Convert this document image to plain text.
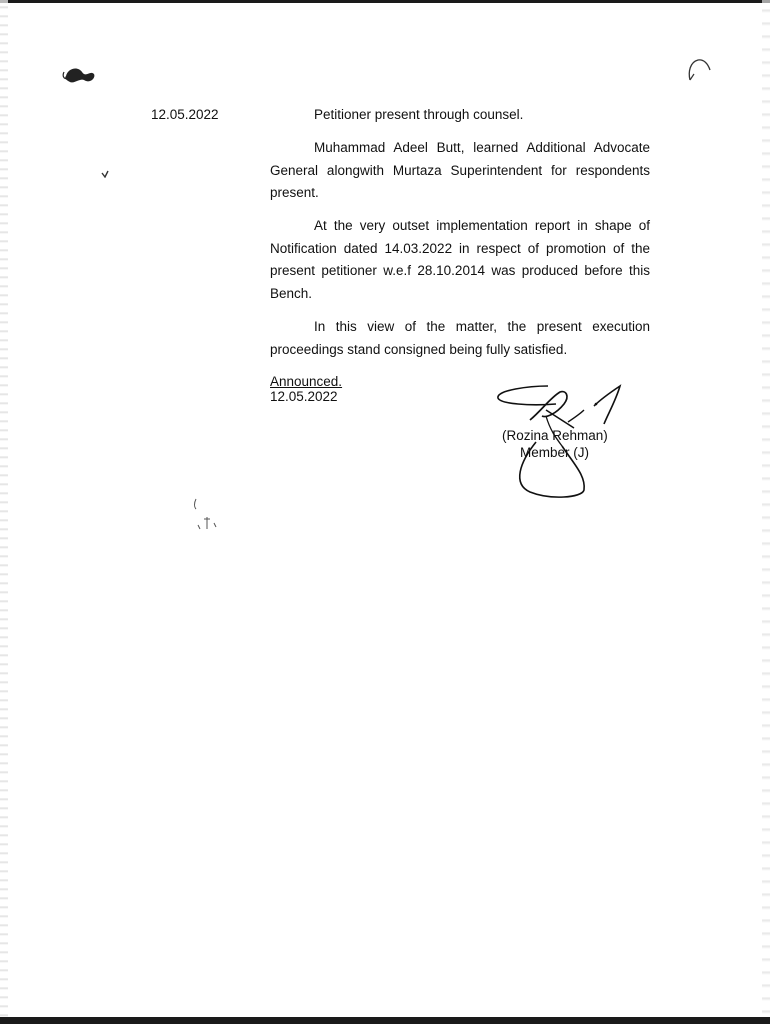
12.05.2022	Petitioner present through counsel.
Muhammad Adeel Butt, learned Additional Advocate General alongwith Murtaza Superintendent for respondents present.
At the very outset implementation report in shape of Notification dated 14.03.2022 in respect of promotion of the present petitioner w.e.f 28.10.2014 was produced before this Bench.
In this view of the matter, the present execution proceedings stand consigned being fully satisfied.
Announced.
12.05.2022
(Rozina Rehman)
Member (J)
